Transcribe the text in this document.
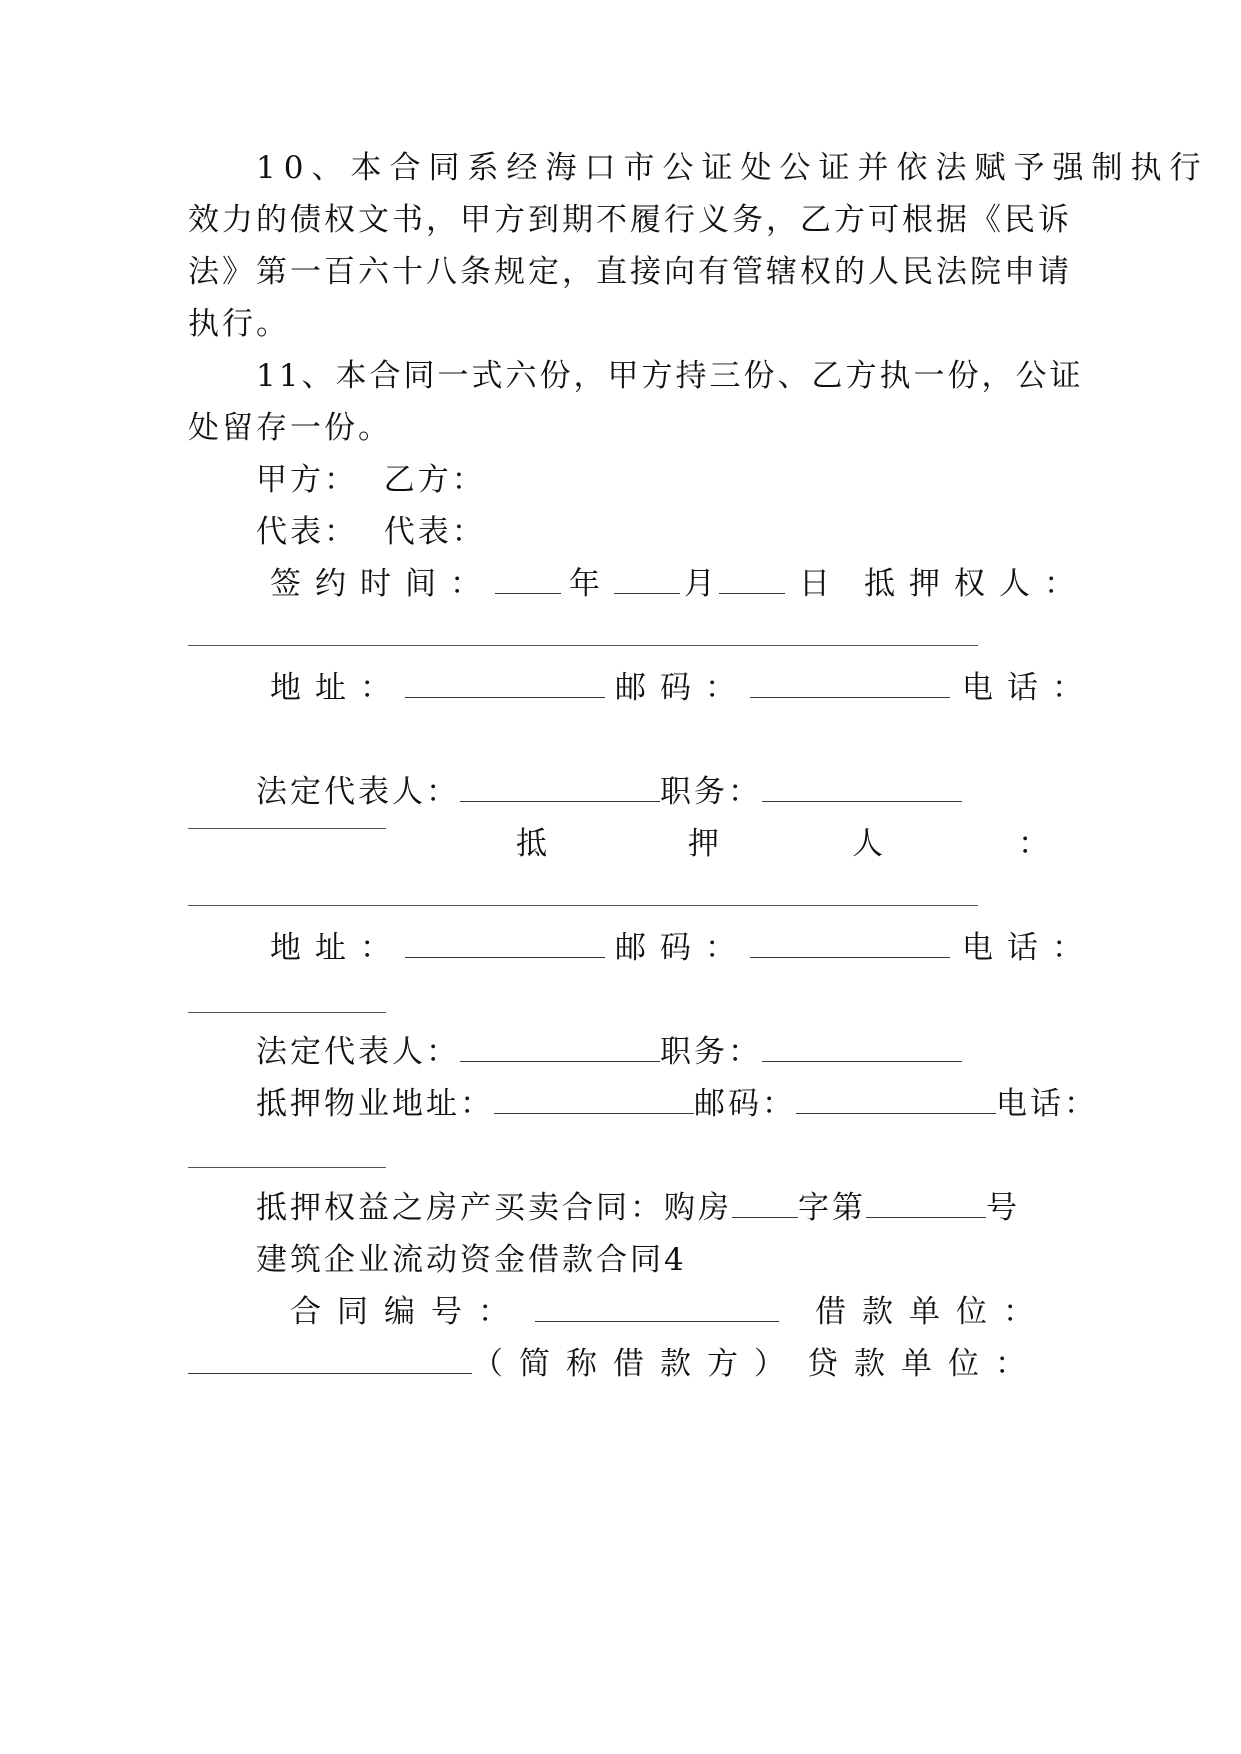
10、本合同系经海口市公证处公证并依法赋予强制执行
效力的债权文书，甲方到期不履行义务，乙方可根据《民诉
法》第一百六十八条规定，直接向有管辖权的人民法院申请
执行。
11、本合同一式六份，甲方持三份、乙方执一份，公证
处留存一份。
甲方：  乙方：
代表：  代表：
签约时间： 年	月	日 抵押权人：
地址：	邮码：	电话：
法定代表人：	职务：
抵	押	人	：
地址：	邮码：	电话：
法定代表人：	职务：
抵押物业地址：	邮码：	电话：
抵押权益之房产买卖合同：购房 字第	号
建筑企业流动资金借款合同4
合同编号：	借款单位：
（简称借款方） 贷款单位：
